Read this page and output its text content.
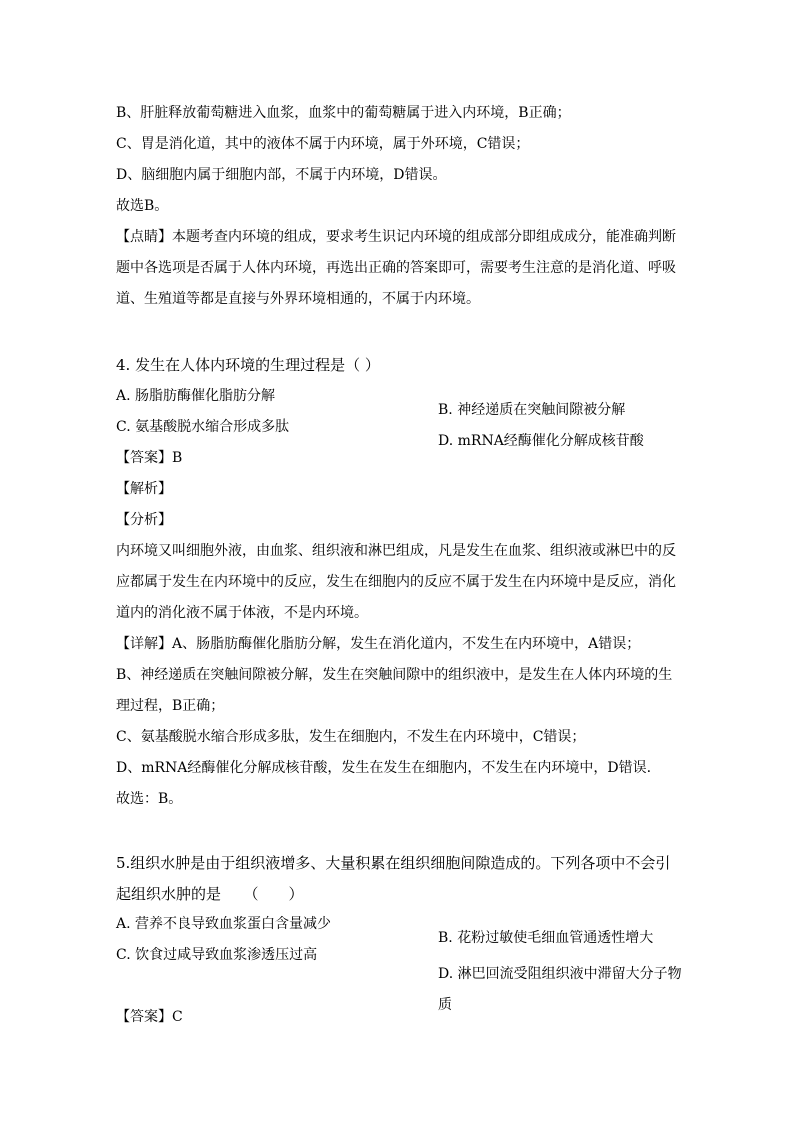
B、肝脏释放葡萄糖进入血浆，血浆中的葡萄糖属于进入内环境，B正确；

C、胃是消化道，其中的液体不属于内环境，属于外环境，C错误；

D、脑细胞内属于细胞内部，不属于内环境，D错误。

故选B。

【点睛】本题考查内环境的组成，要求考生识记内环境的组成部分即组成成分，能准确判断题中各选项是否属于人体内环境，再选出正确的答案即可，需要考生注意的是消化道、呼吸道、生殖道等都是直接与外界环境相通的，不属于内环境。

4. 发生在人体内环境的生理过程是（ ）

A. 肠脂肪酶催化脂肪分解

B. 神经递质在突触间隙被分解

C. 氨基酸脱水缩合形成多肽

D. mRNA经酶催化分解成核苷酸

【答案】B

【解析】

【分析】

内环境又叫细胞外液，由血浆、组织液和淋巴组成，凡是发生在血浆、组织液或淋巴中的反应都属于发生在内环境中的反应，发生在细胞内的反应不属于发生在内环境中是反应，消化道内的消化液不属于体液，不是内环境。

【详解】A、肠脂肪酶催化脂肪分解，发生在消化道内，不发生在内环境中，A错误；

B、神经递质在突触间隙被分解，发生在突触间隙中的组织液中，是发生在人体内环境的生理过程，B正确；

C、氨基酸脱水缩合形成多肽，发生在细胞内，不发生在内环境中，C错误；

D、mRNA经酶催化分解成核苷酸，发生在发生在细胞内，不发生在内环境中，D错误.

故选：B。

5.组织水肿是由于组织液增多、大量积累在组织细胞间隙造成的。下列各项中不会引起组织水肿的是　　（　　）

A. 营养不良导致血浆蛋白含量减少

B. 花粉过敏使毛细血管通透性增大

C. 饮食过咸导致血浆渗透压过高

D. 淋巴回流受阻组织液中滞留大分子物质

【答案】C
